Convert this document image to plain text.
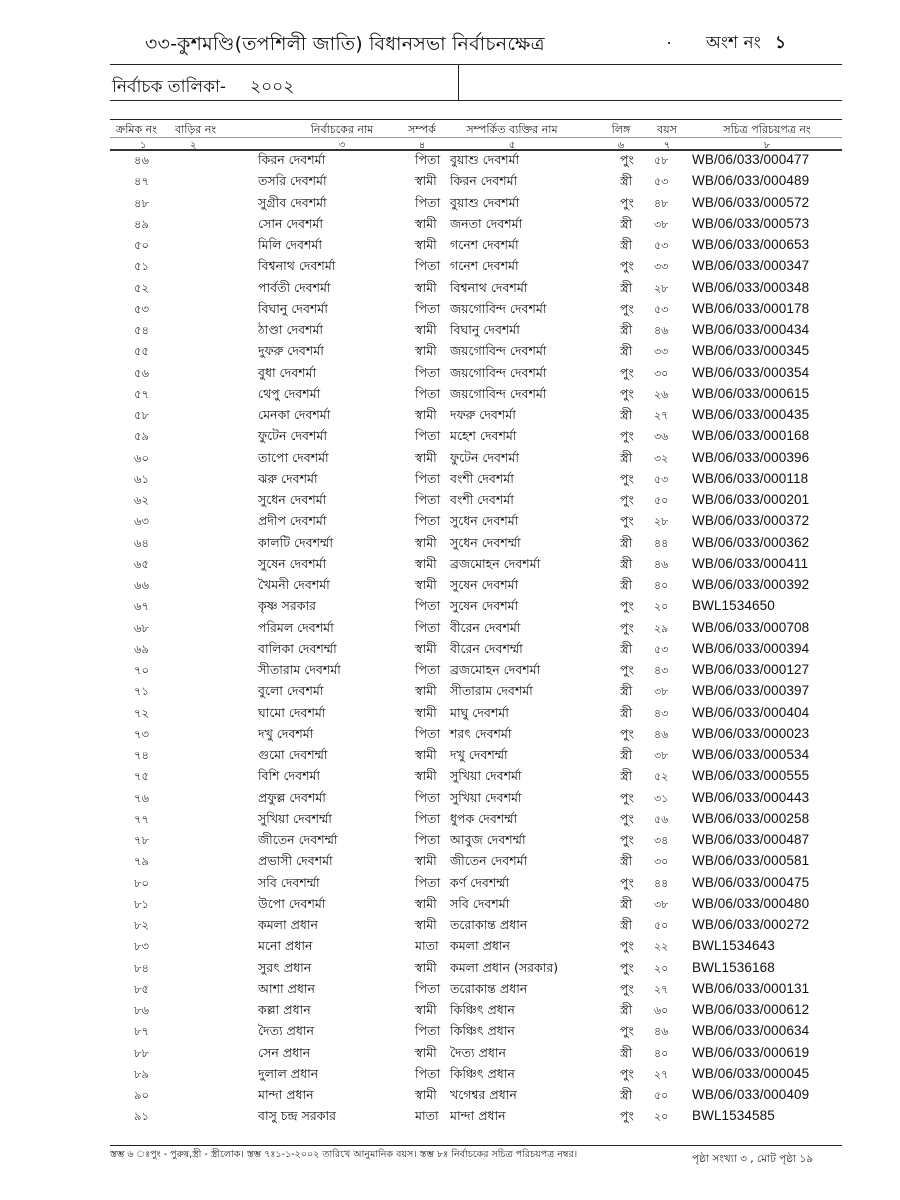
৩৩-কুশমণ্ডি(তপশিলী জাতি) বিধানসভা নির্বাচনক্ষেত্র	অংশ নং ১
নির্বাচক তালিকা- ২০০২
ক্রমিক নং বাড়ির নং	নির্বাচকের নাম	সম্পর্ক	সম্পর্কিত ব্যক্তির নাম	লিঙ্গ	বয়স	সচিত্র পরিচয়পত্র নং
১	২	৩	৪	৫	৬	৭	৮
৪৬	কিরন দেবশর্মা	পিতা বুয়াশু দেবশর্মা	পুং ৫৮ WB/06/033/000477
৪৭	তসরি দেবশর্মা	স্বামী কিরন দেবশর্মা	স্ত্রী ৫৩ WB/06/033/000489
৪৮	সুগ্রীব দেবশর্মা	পিতা বুয়াশু দেবশর্মা	পুং ৪৮ WB/06/033/000572
৪৯	সোন দেবশর্মা	স্বামী জনতা দেবশর্মা	স্ত্রী ৩৮ WB/06/033/000573
৫০	মিলি দেবশর্মা	স্বামী গনেশ দেবশর্মা	স্ত্রী ৫৩ WB/06/033/000653
৫১	বিশ্বনাথ দেবশর্মা	পিতা গনেশ দেবশর্মা	পুং ৩৩ WB/06/033/000347
৫২	পার্বতী দেবশর্মা	স্বামী বিশ্বনাথ দেবশর্মা	স্ত্রী ২৮ WB/06/033/000348
৫৩	বিঘানু দেবশর্মা	পিতা জয়গোবিন্দ দেবশর্মা	পুং ৫৩ WB/06/033/000178
৫৪	ঠাণ্ডা দেবশর্মা	স্বামী বিঘানু দেবশর্মা	স্ত্রী ৪৬ WB/06/033/000434
৫৫	দুফরু দেবশর্মা	স্বামী জয়গোবিন্দ দেবশর্মা	স্ত্রী ৩৩ WB/06/033/000345
৫৬	বুধা দেবশর্মা	পিতা জয়গোবিন্দ দেবশর্মা	পুং ৩০ WB/06/033/000354
৫৭	থেপু দেবশর্মা	পিতা জয়গোবিন্দ দেবশর্মা	পুং ২৬ WB/06/033/000615
৫৮	মেনকা দেবশর্মা	স্বামী দফরু দেবশর্মা	স্ত্রী ২৭ WB/06/033/000435
৫৯	ফুটেন দেবশর্মা	পিতা মহেশ দেবশর্মা	পুং ৩৬ WB/06/033/000168
৬০	তাপো দেবশর্মা	স্বামী ফুটেন দেবশর্মা	স্ত্রী ৩২ WB/06/033/000396
৬১	ঝরু দেবশর্মা	পিতা বংশী দেবশর্মা	পুং ৫৩ WB/06/033/000118
৬২	সুধেন দেবশর্মা	পিতা বংশী দেবশর্মা	পুং ৫০ WB/06/033/000201
৬৩	প্রদীপ দেবশর্মা	পিতা সুধেন দেবশর্মা	পুং ২৮ WB/06/033/000372
৬৪	কালটি দেবশর্ম্মা	স্বামী সুধেন দেবশর্ম্মা	স্ত্রী ৪৪ WB/06/033/000362
৬৫	সুষেন দেবশর্মা	স্বামী ব্রজমোহন দেবশর্মা	স্ত্রী ৪৬ WB/06/033/000411
৬৬	খৈমনী দেবশর্মা	স্বামী সুষেন দেবশর্মা	স্ত্রী ৪০ WB/06/033/000392
৬৭	কৃষ্ণ সরকার	পিতা সুষেন দেবশর্মা	পুং ২০ BWL1534650
৬৮	পরিমল দেবশর্মা	পিতা বীরেন দেবশর্মা	পুং ২৯ WB/06/033/000708
৬৯	বালিকা দেবশর্ম্মা	স্বামী বীরেন দেবশর্ম্মা	স্ত্রী ৫৩ WB/06/033/000394
৭০	সীতারাম দেবশর্মা	পিতা ব্রজমোহন দেবশর্মা	পুং ৪৩ WB/06/033/000127
৭১	বুলো দেবশর্মা	স্বামী সীতারাম দেবশর্মা	স্ত্রী ৩৮ WB/06/033/000397
৭২	ঘামো দেবশর্মা	স্বামী মাঘু দেবশর্মা	স্ত্রী ৪৩ WB/06/033/000404
৭৩	দখু দেবশর্মা	পিতা শরৎ দেবশর্মা	পুং ৪৬ WB/06/033/000023
৭৪	গুমো দেবশর্ম্মা	স্বামী দখু দেবশর্ম্মা	স্ত্রী ৩৮ WB/06/033/000534
৭৫	বিশি দেবশর্মা	স্বামী সুখিয়া দেবশর্মা	স্ত্রী ৫২ WB/06/033/000555
৭৬	প্রফুল্ল দেবশর্মা	পিতা সুখিয়া দেবশর্মা	পুং ৩১ WB/06/033/000443
৭৭	সুখিয়া দেবশর্ম্মা	পিতা ধুপক দেবশর্ম্মা	পুং ৫৬ WB/06/033/000258
৭৮	জীতেন দেবশর্ম্মা	পিতা আবুজ দেবশর্ম্মা	পুং ৩৪ WB/06/033/000487
৭৯	প্রভাসী দেবশর্মা	স্বামী জীতেন দেবশর্মা	স্ত্রী ৩০ WB/06/033/000581
৮০	সবি দেবশর্ম্মা	পিতা কর্ণ দেবশর্ম্মা	পুং ৪৪ WB/06/033/000475
৮১	উপো দেবশর্মা	স্বামী সবি দেবশর্মা	স্ত্রী ৩৮ WB/06/033/000480
৮২	কমলা প্রধান	স্বামী তরোকান্ত প্রধান	স্ত্রী ৫০ WB/06/033/000272
৮৩	মনো প্রধান	মাতা কমলা প্রধান	পুং ২২ BWL1534643
৮৪	সুরৎ প্রধান	স্বামী কমলা প্রধান (সরকার)	পুং ২০ BWL1536168
৮৫	আশা প্রধান	পিতা তরোকান্ত প্রধান	পুং ২৭ WB/06/033/000131
৮৬	কল্লা প্রধান	স্বামী কিঞ্চিৎ প্রধান	স্ত্রী ৬০ WB/06/033/000612
৮৭	দৈত্য প্রধান	পিতা কিঞ্চিৎ প্রধান	পুং ৪৬ WB/06/033/000634
৮৮	সেন প্রধান	স্বামী দৈত্য প্রধান	স্ত্রী ৪০ WB/06/033/000619
৮৯	দুলাল প্রধান	পিতা কিঞ্চিৎ প্রধান	পুং ২৭ WB/06/033/000045
৯০	মান্দা প্রধান	স্বামী খগেশ্বর প্রধান	স্ত্রী ৫০ WB/06/033/000409
৯১	বাসু চন্দ্র সরকার	মাতা মান্দা প্রধান	পুং ২০ BWL1534585
স্তম্ভ ৬ ঃপুং - পুরুষ,স্ত্রী - স্ত্রীলোক। স্তম্ভ ৭ঃ১-১-২০০২ তারিখে আনুমানিক বয়স। স্তম্ভ ৮ঃ নির্বাচকের সচিত্র পরিচয়পত্র নম্বর।	পৃষ্ঠা সংখ্যা ৩ , মোট পৃষ্ঠা ১৯
